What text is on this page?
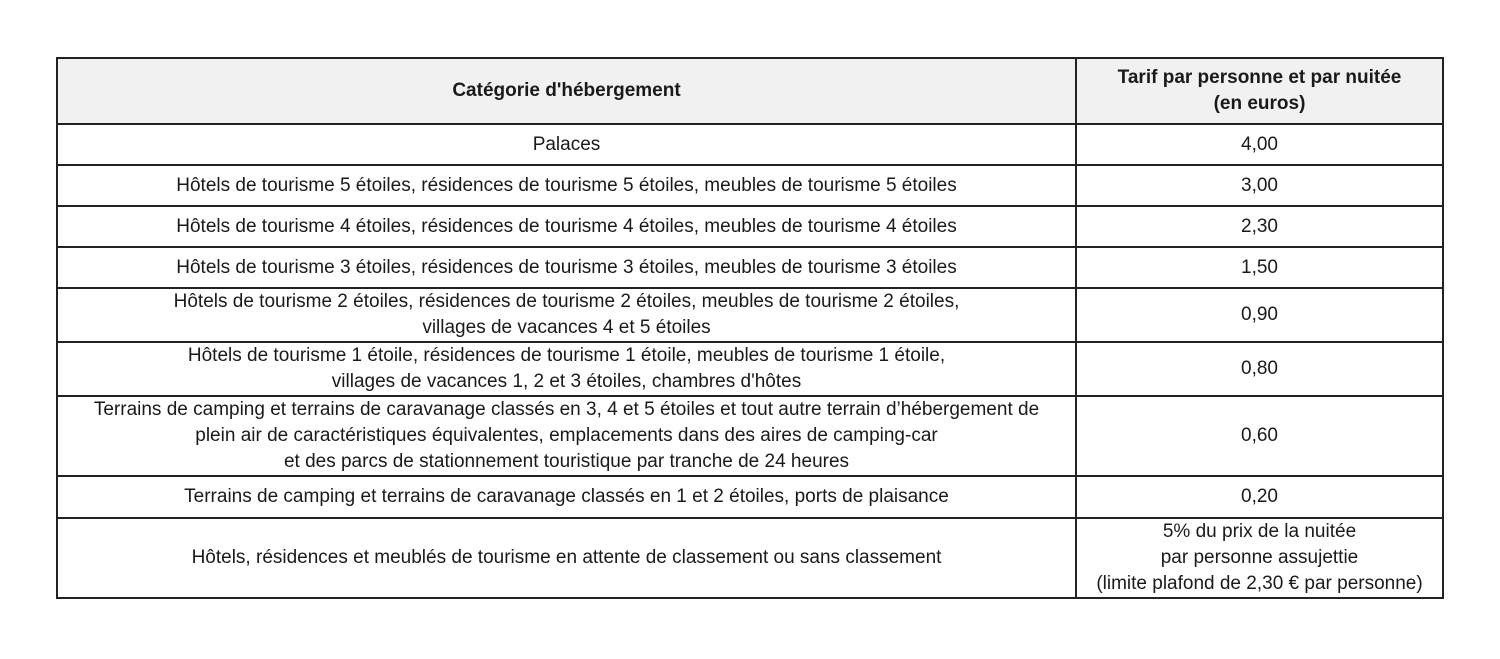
Catégorie d'hébergement	Tarif par personne et par nuitée
(en euros)
Palaces	4,00
Hôtels de tourisme 5 étoiles, résidences de tourisme 5 étoiles, meubles de tourisme 5 étoiles	3,00
Hôtels de tourisme 4 étoiles, résidences de tourisme 4 étoiles, meubles de tourisme 4 étoiles	2,30
Hôtels de tourisme 3 étoiles, résidences de tourisme 3 étoiles, meubles de tourisme 3 étoiles	1,50
Hôtels de tourisme 2 étoiles, résidences de tourisme 2 étoiles, meubles de tourisme 2 étoiles,
villages de vacances 4 et 5 étoiles	0,90
Hôtels de tourisme 1 étoile, résidences de tourisme 1 étoile, meubles de tourisme 1 étoile,
villages de vacances 1, 2 et 3 étoiles, chambres d'hôtes	0,80
Terrains de camping et terrains de caravanage classés en 3, 4 et 5 étoiles et tout autre terrain d’hébergement de
plein air de caractéristiques équivalentes, emplacements dans des aires de camping-car
et des parcs de stationnement touristique par tranche de 24 heures	0,60
Terrains de camping et terrains de caravanage classés en 1 et 2 étoiles, ports de plaisance	0,20
Hôtels, résidences et meublés de tourisme en attente de classement ou sans classement	5% du prix de la nuitée
par personne assujettie
(limite plafond de 2,30 € par personne)
